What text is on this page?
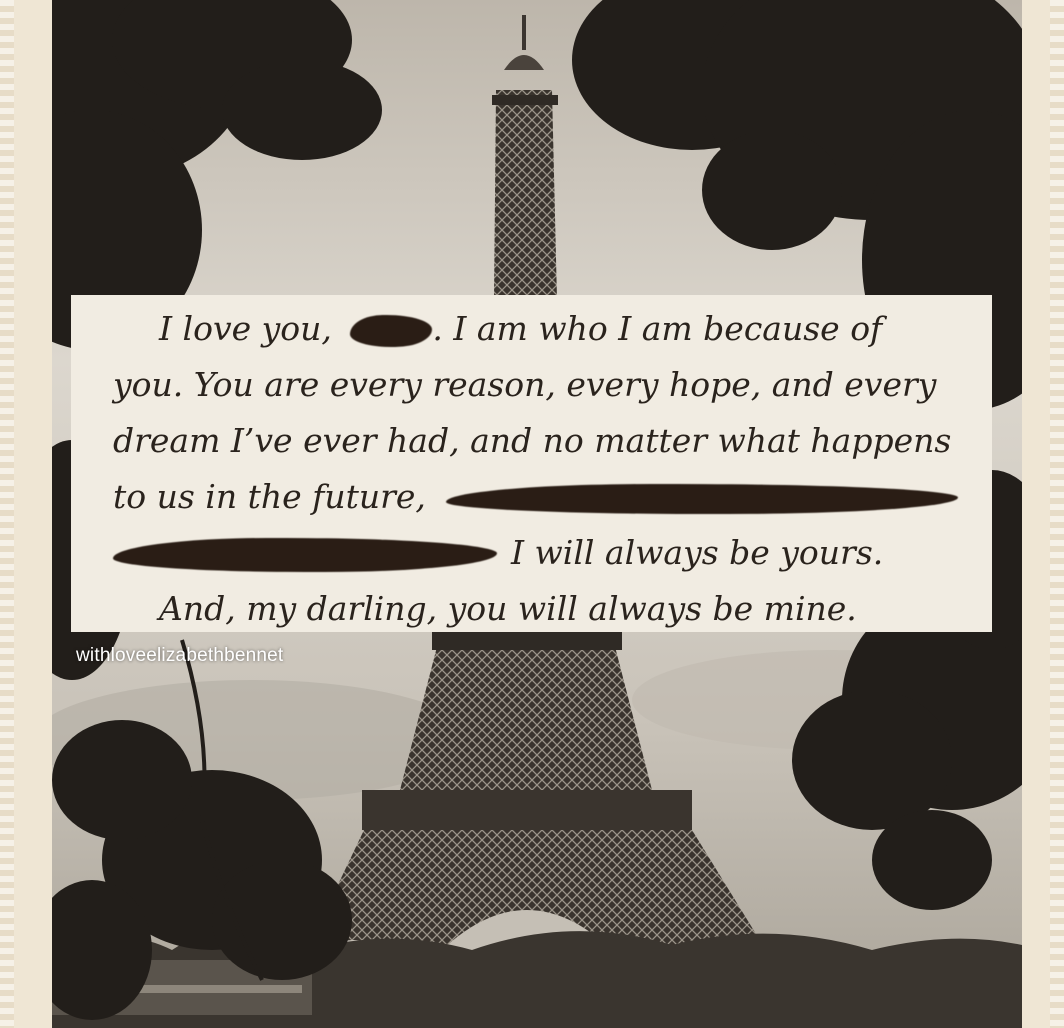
I love you,	. I am who I am because of
you. You are every reason, every hope, and every
dream I’ve ever had, and no matter what happens
to us in the future,
I will always be yours.
And, my darling, you will always be mine.
withloveelizabethbennet
